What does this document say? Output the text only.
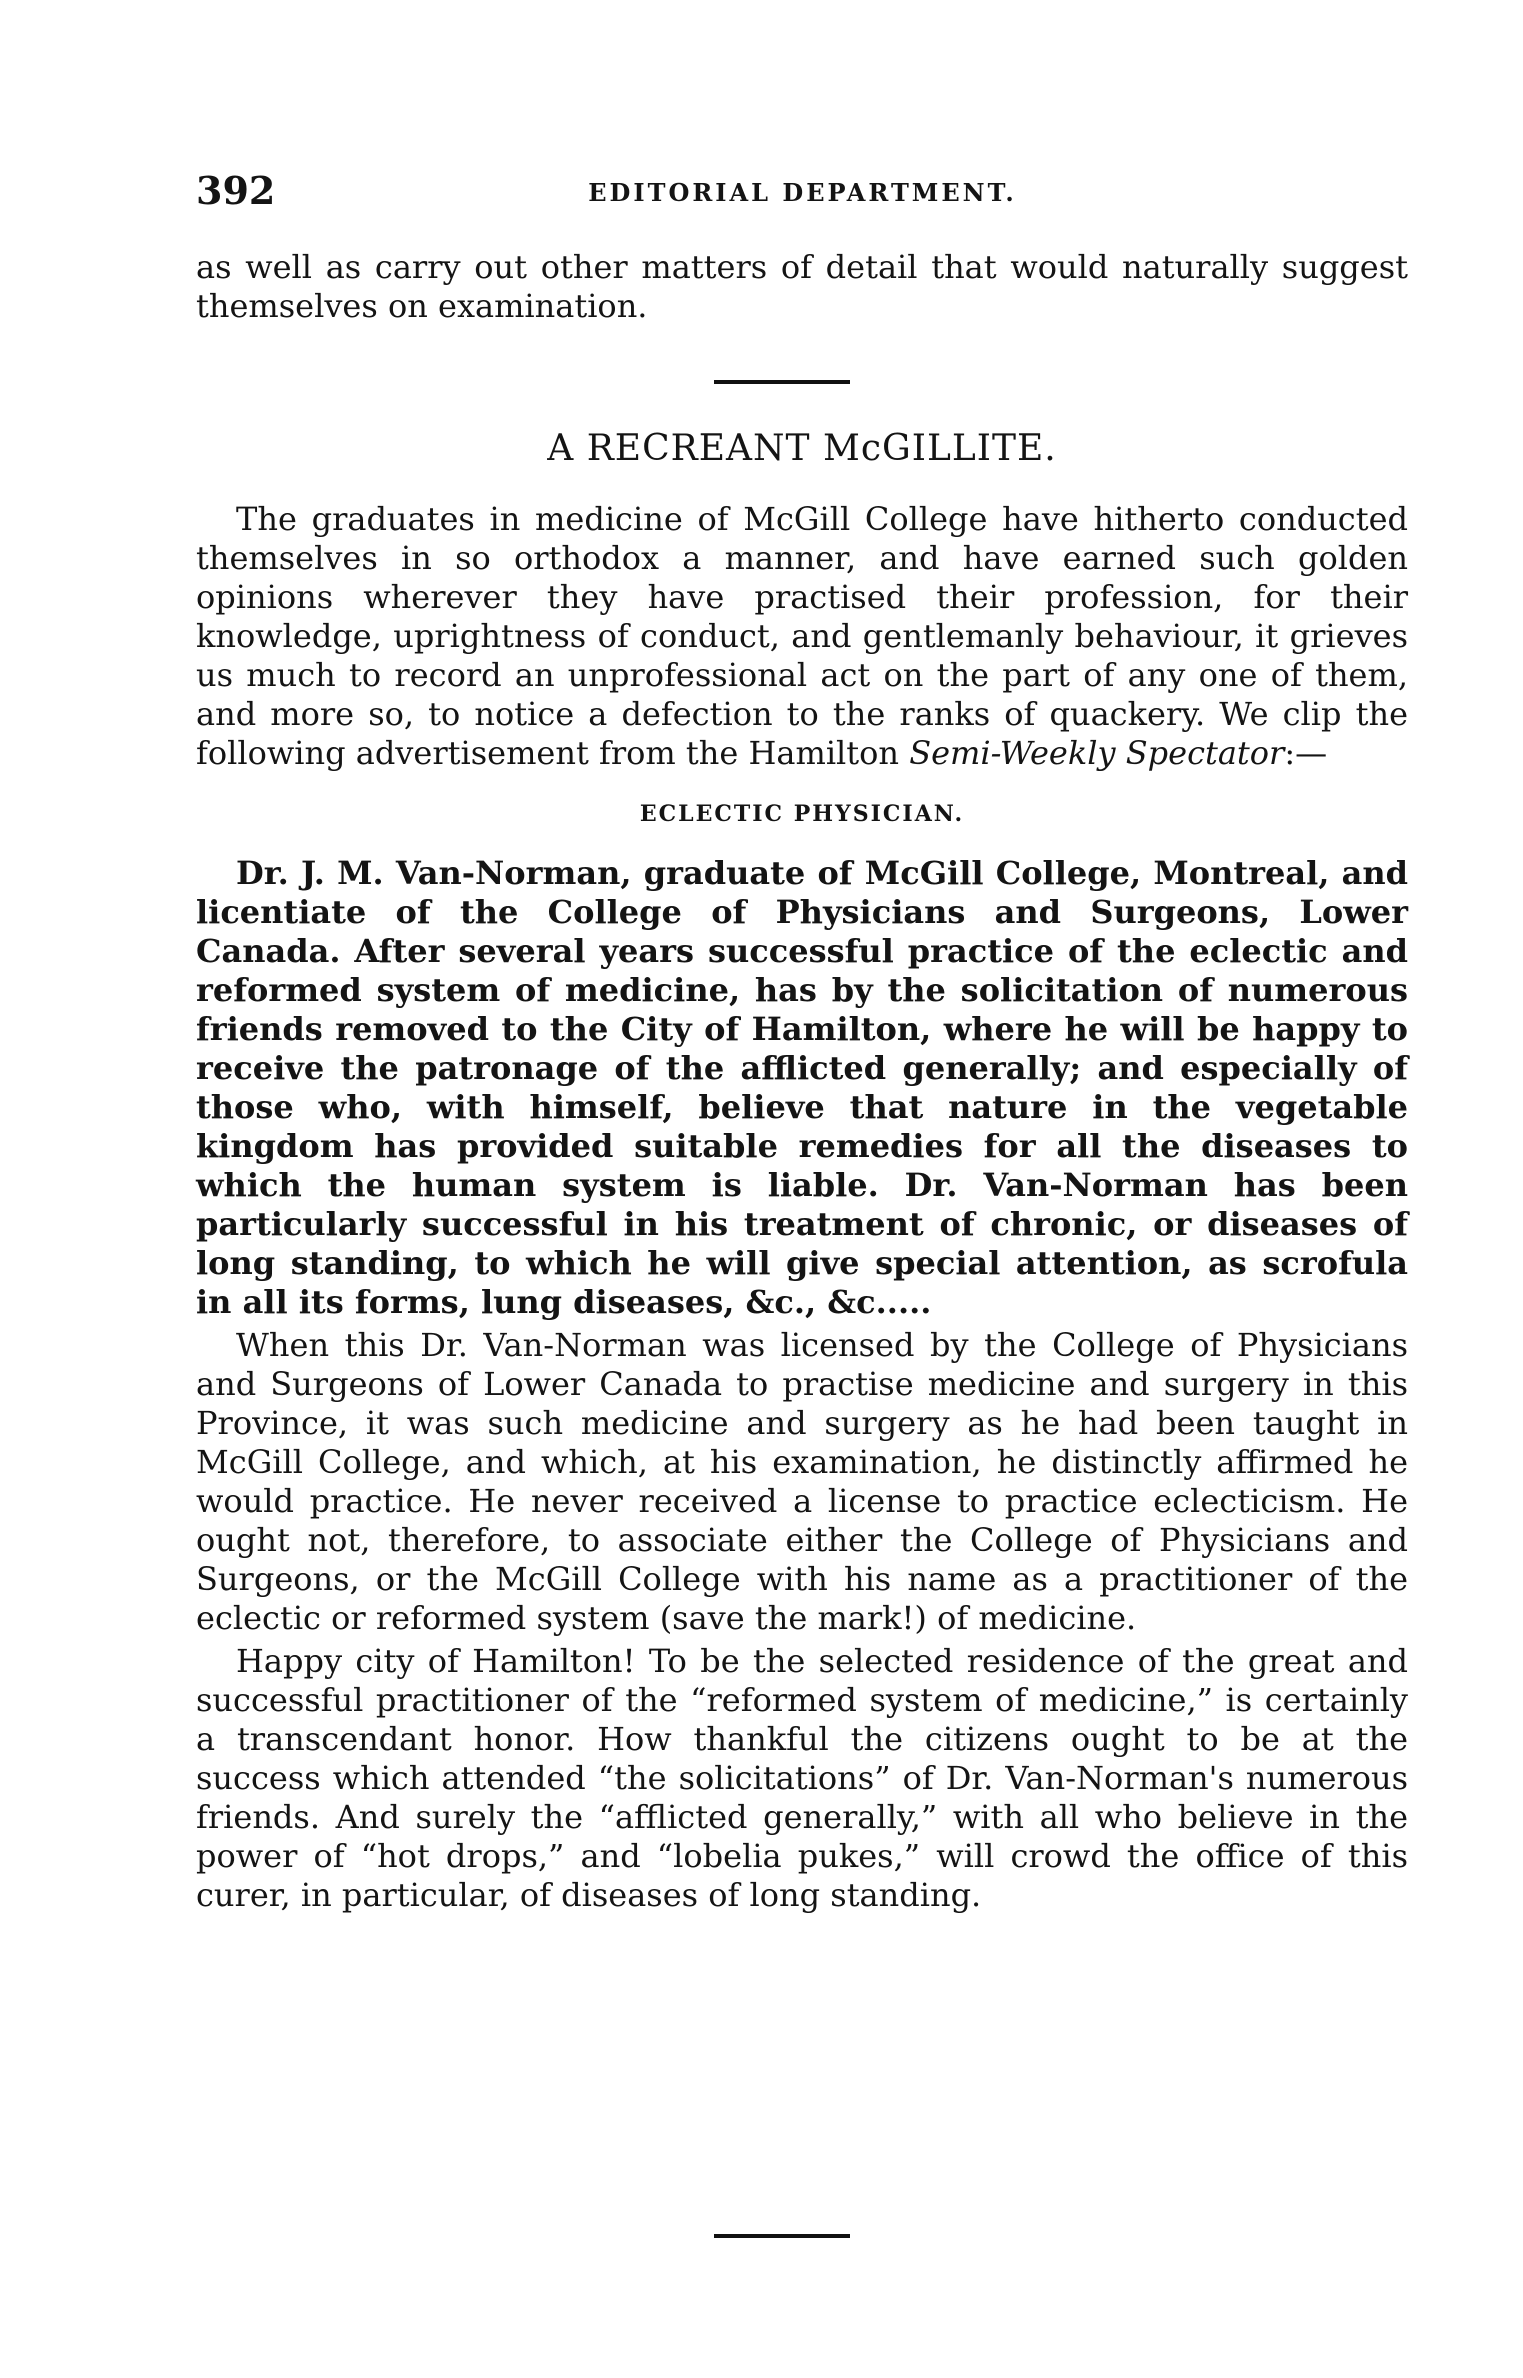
392	EDITORIAL DEPARTMENT.

as well as carry out other matters of detail that would naturally suggest themselves on examination.

A RECREANT McGILLITE.

The graduates in medicine of McGill College have hitherto conducted themselves in so orthodox a manner, and have earned such golden opinions wherever they have practised their profession, for their knowledge, uprightness of conduct, and gentlemanly behaviour, it grieves us much to record an unprofessional act on the part of any one of them, and more so, to notice a defection to the ranks of quackery. We clip the following advertisement from the Hamilton Semi-Weekly Spectator:—

ECLECTIC PHYSICIAN.

Dr. J. M. Van-Norman, graduate of McGill College, Montreal, and licentiate of the College of Physicians and Surgeons, Lower Canada. After several years successful practice of the eclectic and reformed system of medicine, has by the solicitation of numerous friends removed to the City of Hamilton, where he will be happy to receive the patronage of the afflicted generally; and especially of those who, with himself, believe that nature in the vegetable kingdom has provided suitable remedies for all the diseases to which the human system is liable. Dr. Van-Norman has been particularly successful in his treatment of chronic, or diseases of long standing, to which he will give special attention, as scrofula in all its forms, lung diseases, &c., &c.....

When this Dr. Van-Norman was licensed by the College of Physicians and Surgeons of Lower Canada to practise medicine and surgery in this Province, it was such medicine and surgery as he had been taught in McGill College, and which, at his examination, he distinctly affirmed he would practice. He never received a license to practice eclecticism. He ought not, therefore, to associate either the College of Physicians and Surgeons, or the McGill College with his name as a practitioner of the eclectic or reformed system (save the mark!) of medicine.

Happy city of Hamilton! To be the selected residence of the great and successful practitioner of the “reformed system of medicine,” is certainly a transcendant honor. How thankful the citizens ought to be at the success which attended “the solicitations” of Dr. Van-Norman's numerous friends. And surely the “afflicted generally,” with all who believe in the power of “hot drops,” and “lobelia pukes,” will crowd the office of this curer, in particular, of diseases of long standing.
